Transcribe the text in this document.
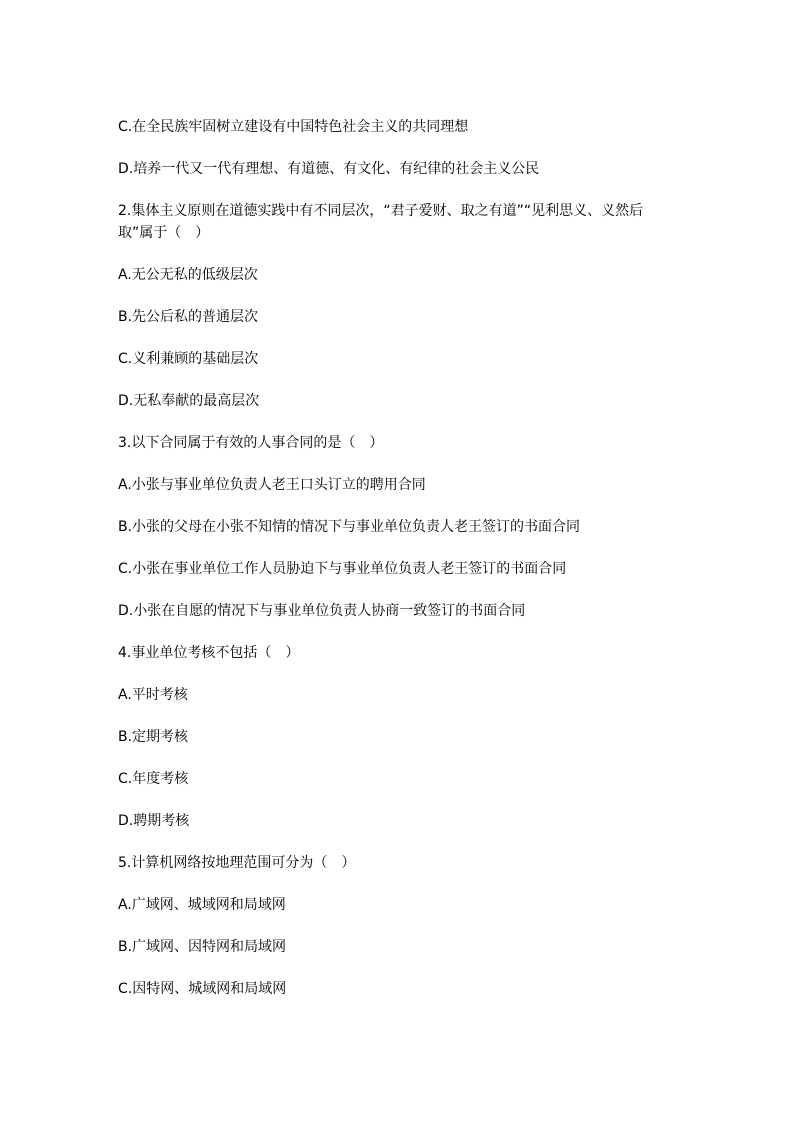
C.在全民族牢固树立建设有中国特色社会主义的共同理想

D.培养一代又一代有理想、有道德、有文化、有纪律的社会主义公民

2.集体主义原则在道德实践中有不同层次，“君子爱财、取之有道”“见利思义、义然后取”属于（　）

A.无公无私的低级层次

B.先公后私的普通层次

C.义利兼顾的基础层次

D.无私奉献的最高层次

3.以下合同属于有效的人事合同的是（　）

A.小张与事业单位负责人老王口头订立的聘用合同

B.小张的父母在小张不知情的情况下与事业单位负责人老王签订的书面合同

C.小张在事业单位工作人员胁迫下与事业单位负责人老王签订的书面合同

D.小张在自愿的情况下与事业单位负责人协商一致签订的书面合同

4.事业单位考核不包括（　）

A.平时考核

B.定期考核

C.年度考核

D.聘期考核

5.计算机网络按地理范围可分为（　）

A.广域网、城域网和局域网

B.广域网、因特网和局域网

C.因特网、城域网和局域网
